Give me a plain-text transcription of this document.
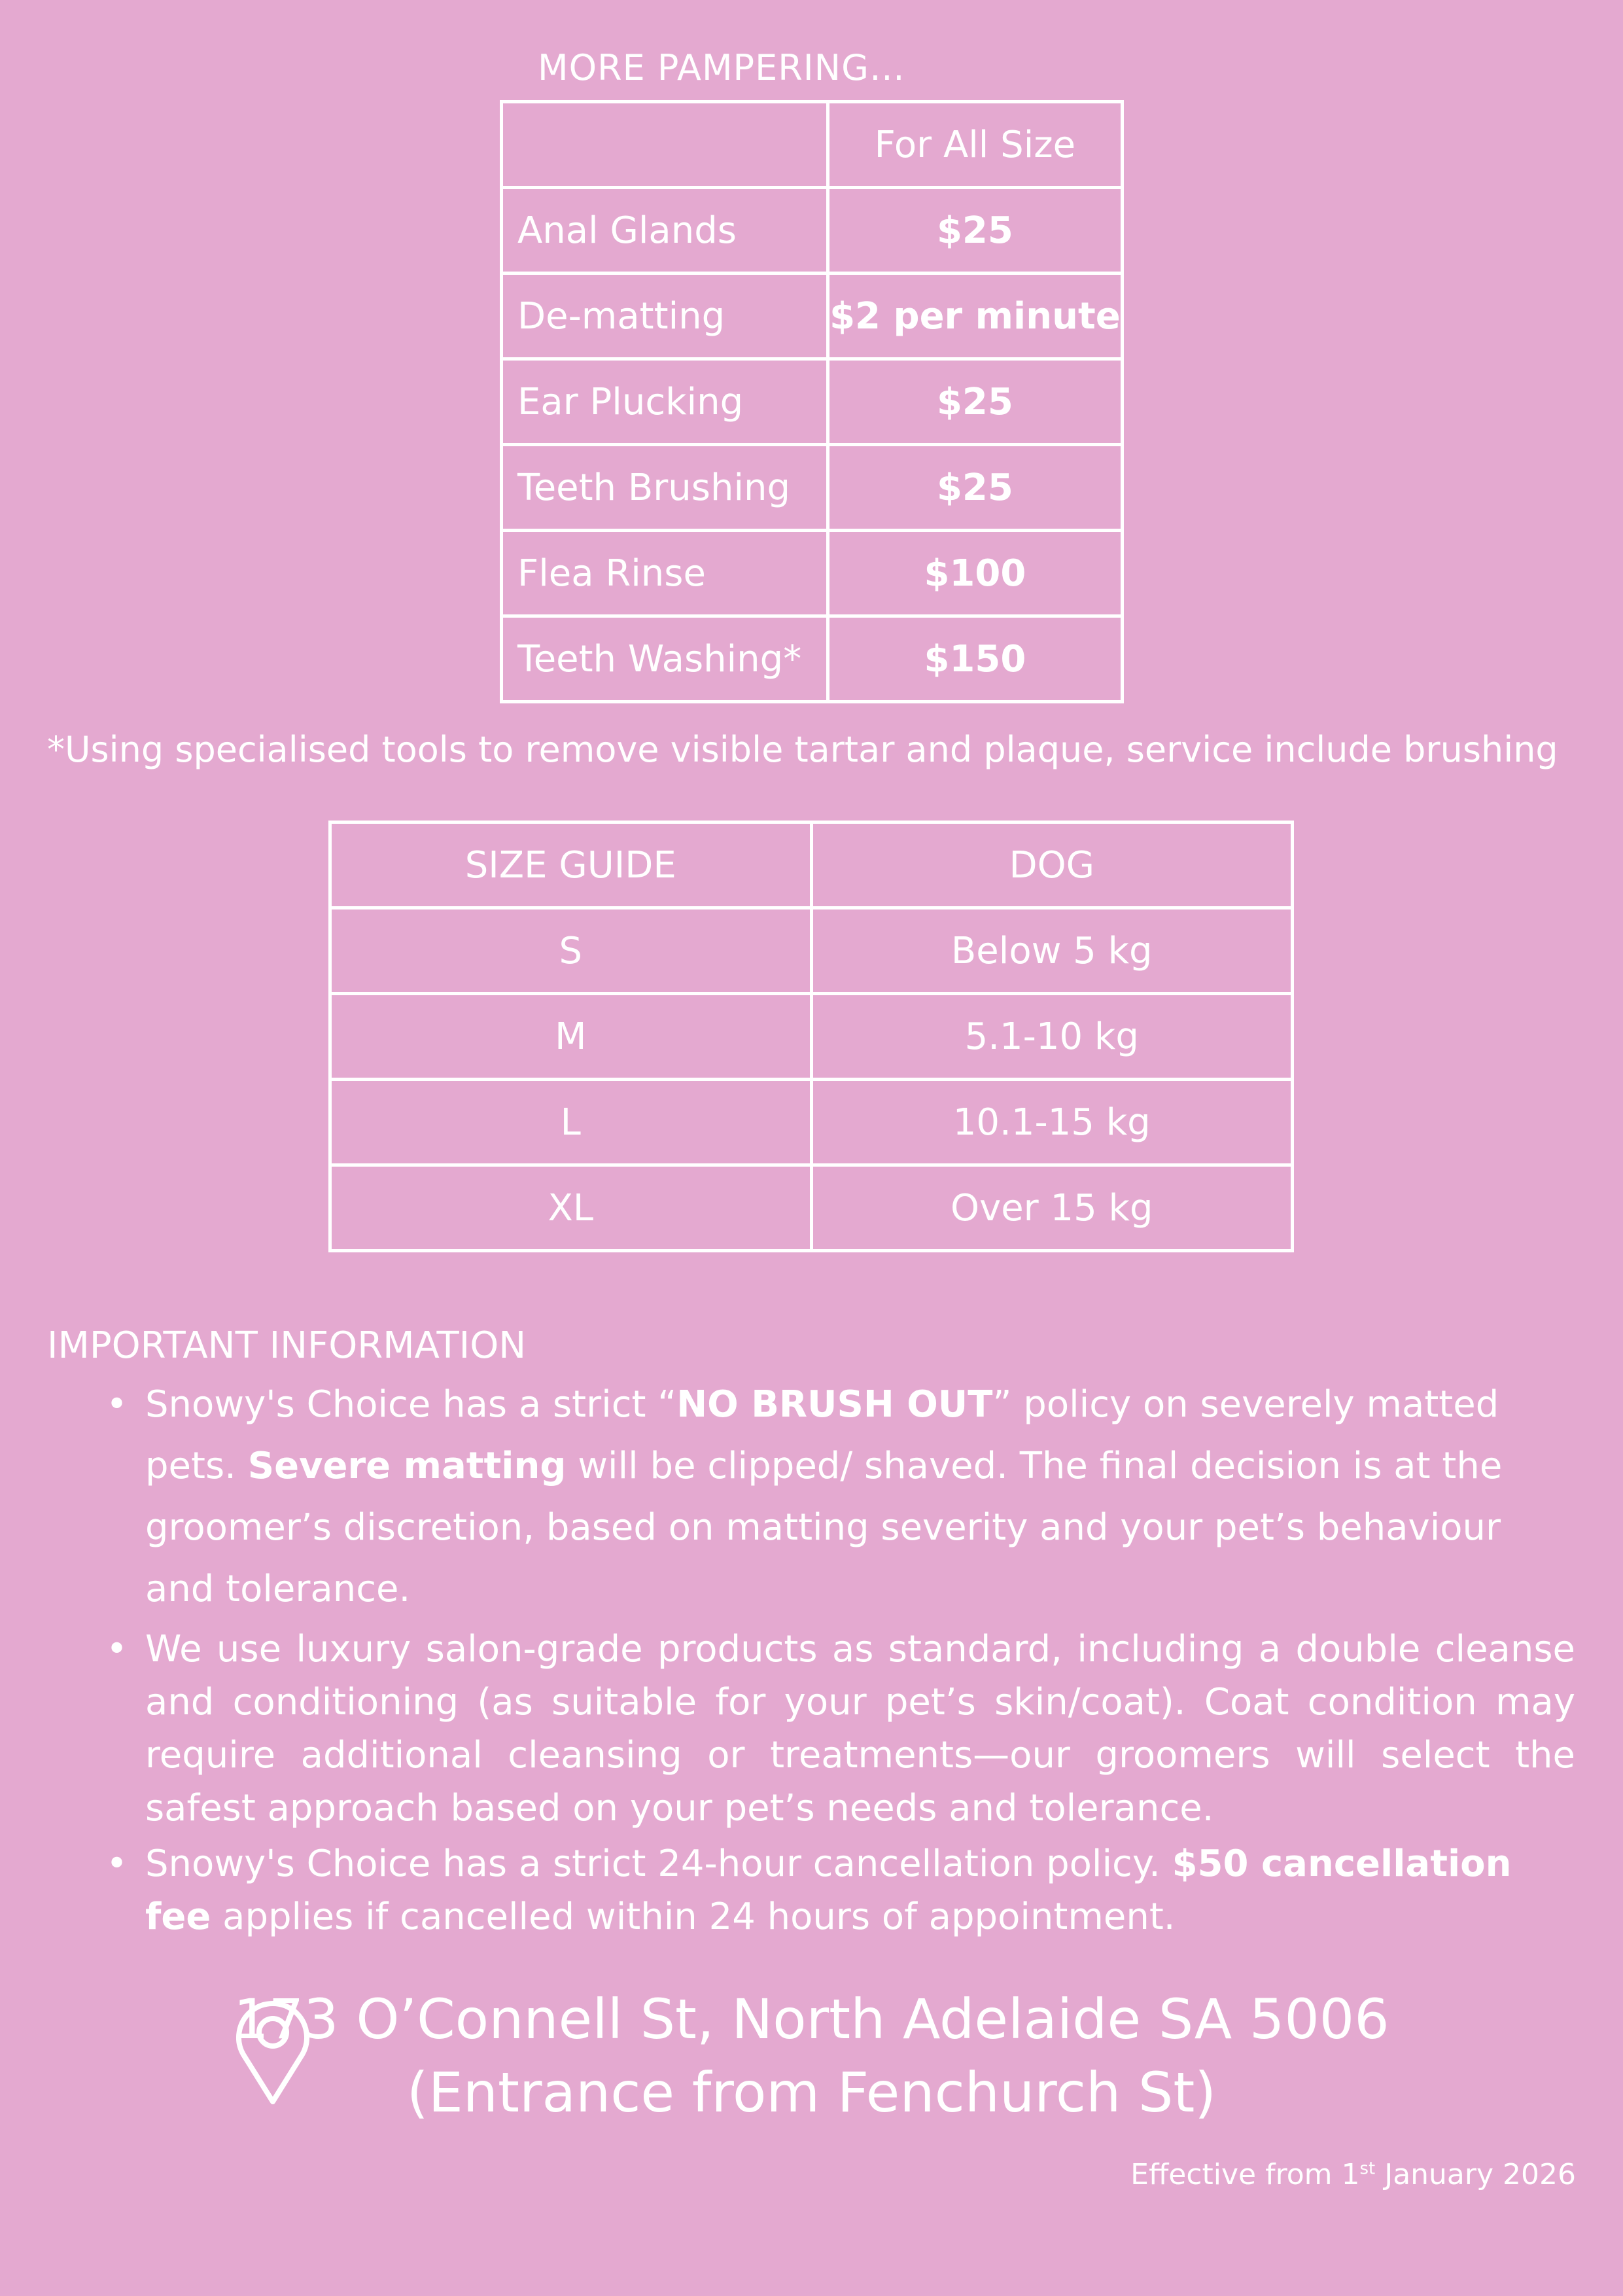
MORE PAMPERING…
	For All Size
Anal Glands	$25
De-matting	$2 per minute
Ear Plucking	$25
Teeth Brushing	$25
Flea Rinse	$100
Teeth Washing*	$150
*Using specialised tools to remove visible tartar and plaque, service include brushing
SIZE GUIDE	DOG
S	Below 5 kg
M	5.1-10 kg
L	10.1-15 kg
XL	Over 15 kg
IMPORTANT INFORMATION
• Snowy's Choice has a strict “NO BRUSH OUT” policy on severely matted pets. Severe matting will be clipped/ shaved. The final decision is at the groomer’s discretion, based on matting severity and your pet’s behaviour and tolerance.
• We use luxury salon-grade products as standard, including a double cleanse and conditioning (as suitable for your pet’s skin/coat). Coat condition may require additional cleansing or treatments—our groomers will select the safest approach based on your pet’s needs and tolerance.
• Snowy's Choice has a strict 24-hour cancellation policy. $50 cancellation fee applies if cancelled within 24 hours of appointment.
173 O’Connell St, North Adelaide SA 5006
(Entrance from Fenchurch St)
Effective from 1st January 2026
